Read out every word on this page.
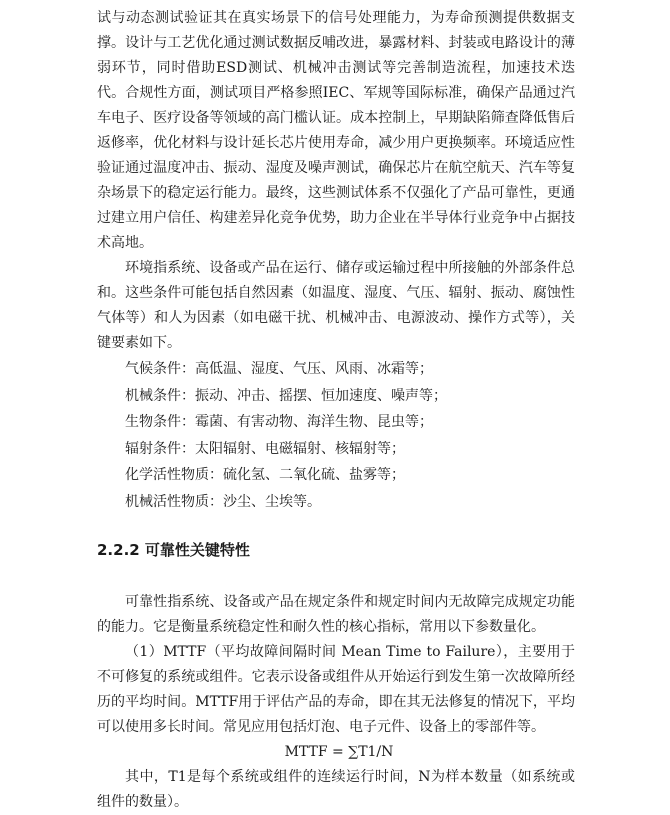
试与动态测试验证其在真实场景下的信号处理能力，为寿命预测提供数据支撑。设计与工艺优化通过测试数据反哺改进，暴露材料、封装或电路设计的薄弱环节，同时借助ESD测试、机械冲击测试等完善制造流程，加速技术迭代。合规性方面，测试项目严格参照IEC、军规等国际标准，确保产品通过汽车电子、医疗设备等领域的高门槛认证。成本控制上，早期缺陷筛查降低售后返修率，优化材料与设计延长芯片使用寿命，减少用户更换频率。环境适应性验证通过温度冲击、振动、湿度及噪声测试，确保芯片在航空航天、汽车等复杂场景下的稳定运行能力。最终，这些测试体系不仅强化了产品可靠性，更通过建立用户信任、构建差异化竞争优势，助力企业在半导体行业竞争中占据技术高地。

环境指系统、设备或产品在运行、储存或运输过程中所接触的外部条件总和。这些条件可能包括自然因素（如温度、湿度、气压、辐射、振动、腐蚀性气体等）和人为因素（如电磁干扰、机械冲击、电源波动、操作方式等），关键要素如下。

气候条件：高低温、湿度、气压、风雨、冰霜等；

机械条件：振动、冲击、摇摆、恒加速度、噪声等；

生物条件：霉菌、有害动物、海洋生物、昆虫等；

辐射条件：太阳辐射、电磁辐射、核辐射等；

化学活性物质：硫化氢、二氧化硫、盐雾等；

机械活性物质：沙尘、尘埃等。

2.2.2 可靠性关键特性

可靠性指系统、设备或产品在规定条件和规定时间内无故障完成规定功能的能力。它是衡量系统稳定性和耐久性的核心指标，常用以下参数量化。

（1）MTTF（平均故障间隔时间 Mean Time to Failure），主要用于不可修复的系统或组件。它表示设备或组件从开始运行到发生第一次故障所经历的平均时间。MTTF用于评估产品的寿命，即在其无法修复的情况下，平均可以使用多长时间。常见应用包括灯泡、电子元件、设备上的零部件等。

MTTF = ∑T1/N

其中，T1是每个系统或组件的连续运行时间，N为样本数量（如系统或组件的数量）。
